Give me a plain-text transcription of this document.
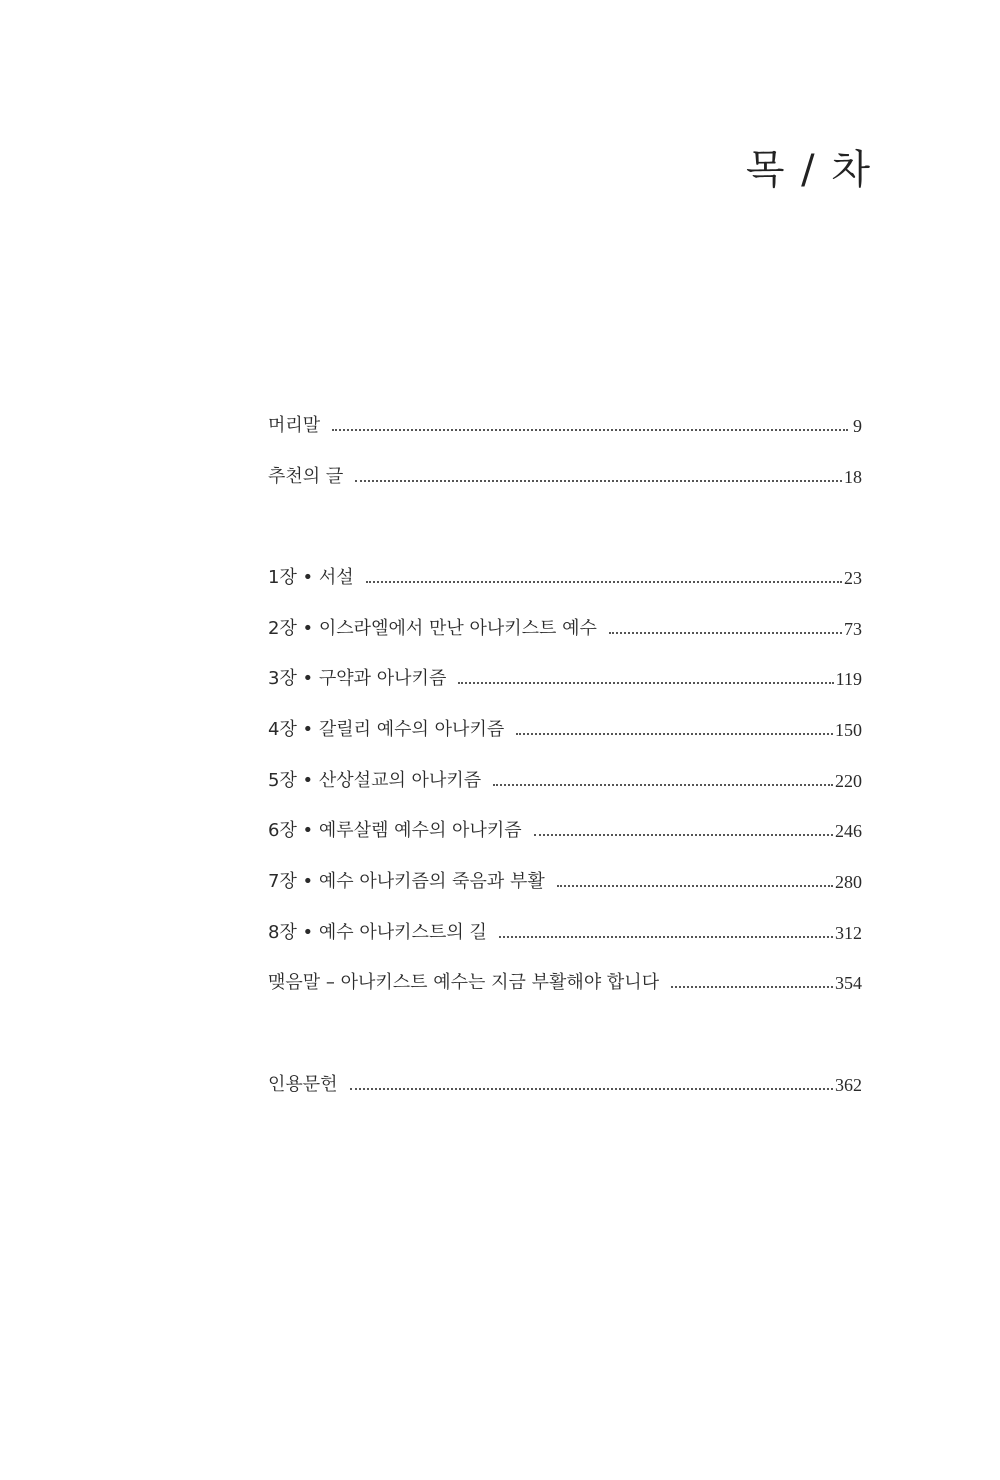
목 / 차
머리말	9
추천의 글	18
1장 • 서설	23
2장 • 이스라엘에서 만난 아나키스트 예수	73
3장 • 구약과 아나키즘	119
4장 • 갈릴리 예수의 아나키즘	150
5장 • 산상설교의 아나키즘	220
6장 • 예루살렘 예수의 아나키즘	246
7장 • 예수 아나키즘의 죽음과 부활	280
8장 • 예수 아나키스트의 길	312
맺음말 – 아나키스트 예수는 지금 부활해야 합니다	354
인용문헌	362
